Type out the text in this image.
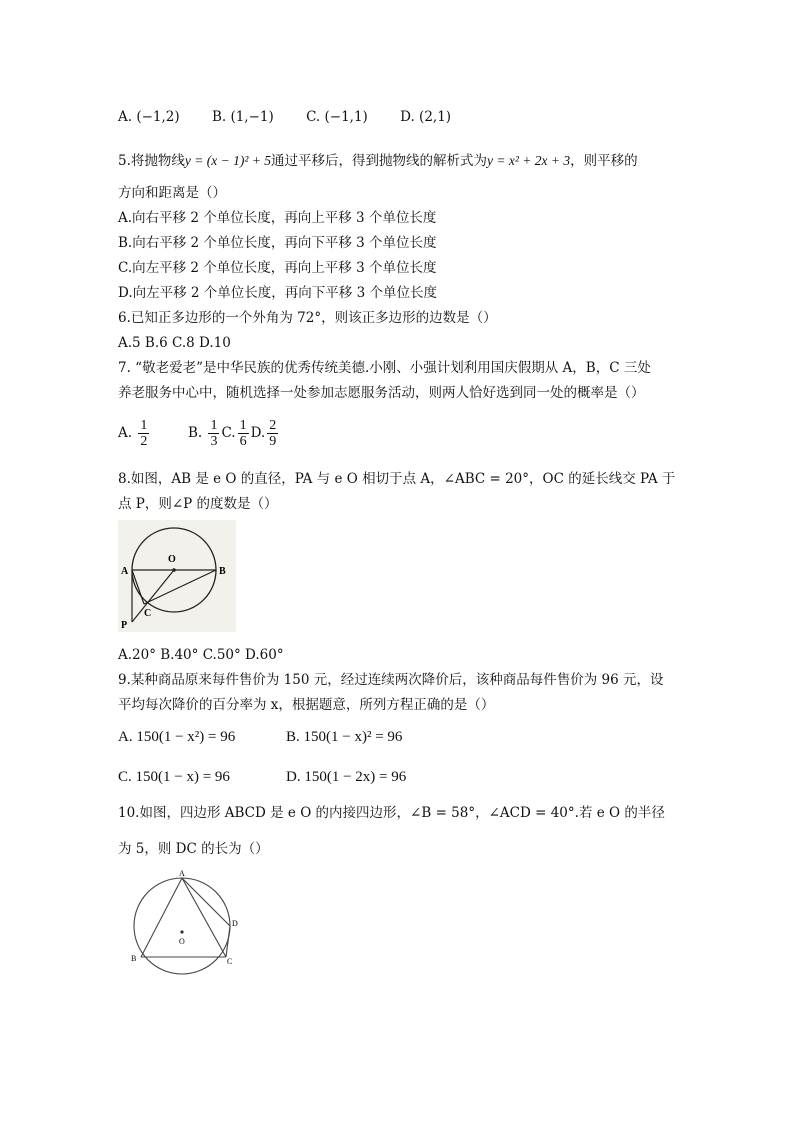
A. (−1,2) B. (1,−1) C. (−1,1) D. (2,1)
5.将抛物线y = (x − 1)² + 5通过平移后，得到抛物线的解析式为y = x² + 2x + 3，则平移的
方向和距离是（）
A.向右平移 2 个单位长度，再向上平移 3 个单位长度
B.向右平移 2 个单位长度，再向下平移 3 个单位长度
C.向左平移 2 个单位长度，再向上平移 3 个单位长度
D.向左平移 2 个单位长度，再向下平移 3 个单位长度
6.已知正多边形的一个外角为 72°，则该正多边形的边数是（）
A.5 B.6 C.8 D.10
7. “敬老爱老”是中华民族的优秀传统美德.小刚、小强计划利用国庆假期从 A，B，C 三处
养老服务中心中，随机选择一处参加志愿服务活动，则两人恰好选到同一处的概率是（）
A. $\frac{1}{2}$	B. $\frac{1}{3} C$. $\frac{1}{6} D$. $\frac{2}{9}$
8.如图，AB 是 e O 的直径，PA 与 e O 相切于点 A，∠ABC = 20°，OC 的延长线交 PA 于
点 P，则∠P 的度数是（）
O
A	B
C
P
A.20° B.40° C.50° D.60°
9.某种商品原来每件售价为 150 元，经过连续两次降价后，该种商品每件售价为 96 元，设
平均每次降价的百分率为 x，根据题意，所列方程正确的是（）
A. 150(1 − x²) = 96	B. 150(1 − x)² = 96
C. 150(1 − x) = 96	D. 150(1 − 2x) = 96
10.如图，四边形 ABCD 是 e O 的内接四边形，∠B = 58°，∠ACD = 40°.若 e O 的半径
为 5，则 DC 的长为（）
O
A
B	C
D
